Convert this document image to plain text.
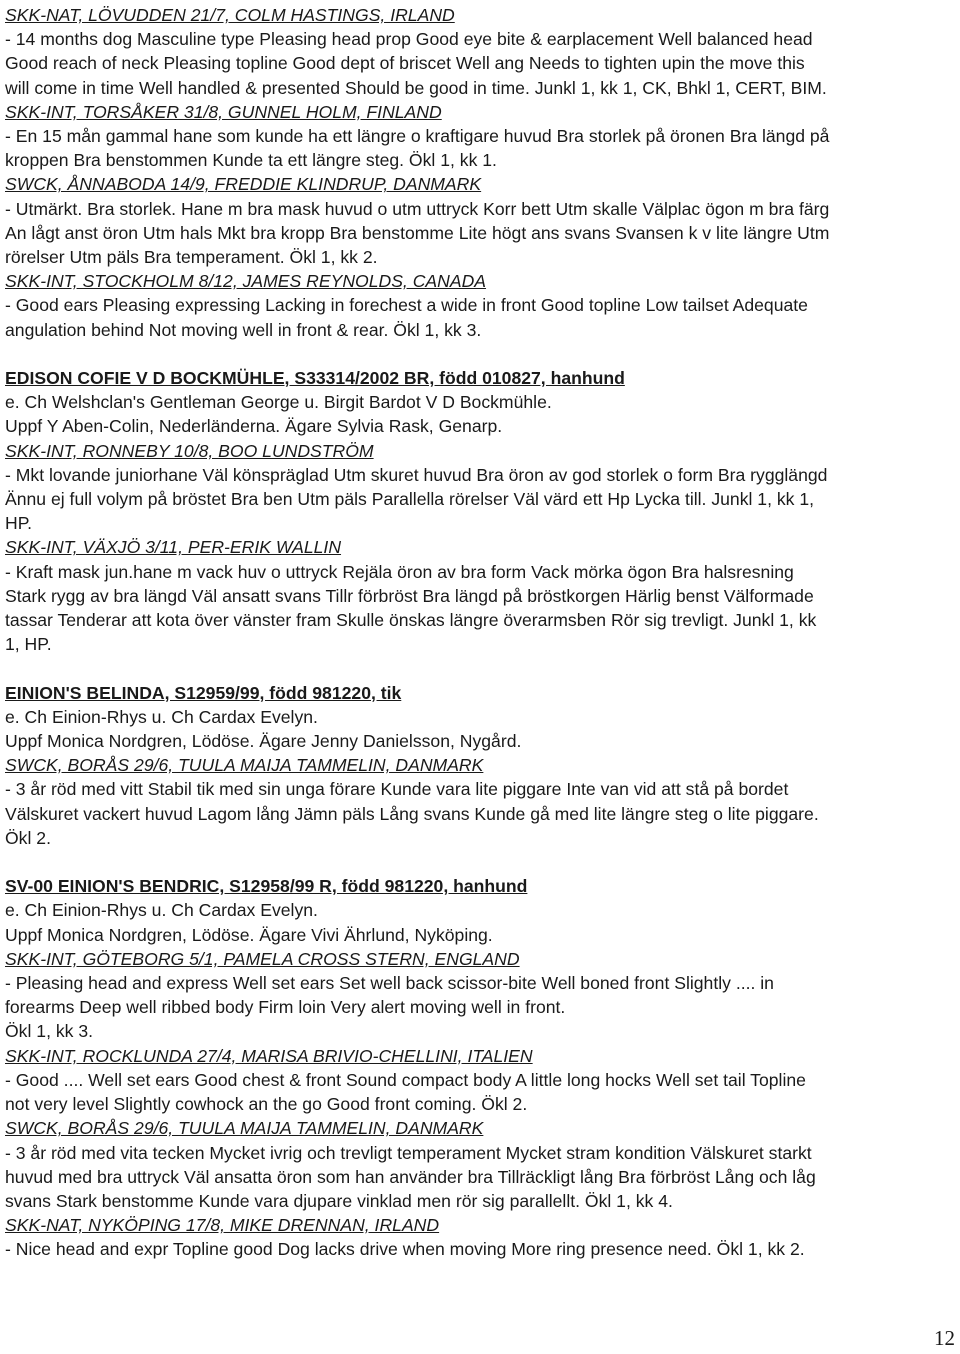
SKK-NAT, LÖVUDDEN 21/7, COLM HASTINGS, IRLAND
- 14 months dog Masculine type Pleasing head prop Good eye bite & earplacement Well balanced head
Good reach of neck Pleasing topline Good dept of briscet Well ang Needs to tighten upin the move this
will come in time Well handled & presented Should be good in time. Junkl 1, kk 1, CK, Bhkl 1, CERT, BIM.
SKK-INT, TORSÅKER 31/8, GUNNEL HOLM, FINLAND
- En 15 mån gammal hane som kunde ha ett längre o kraftigare huvud Bra storlek på öronen Bra längd på
kroppen Bra benstommen Kunde ta ett längre steg. Ökl 1, kk 1.
SWCK, ÅNNABODA 14/9, FREDDIE KLINDRUP, DANMARK
- Utmärkt. Bra storlek. Hane m bra mask huvud o utm uttryck Korr bett Utm skalle Välplac ögon m bra färg
An lågt anst öron Utm hals Mkt bra kropp Bra benstomme Lite högt ans svans Svansen k v lite längre Utm
rörelser Utm päls Bra temperament. Ökl 1, kk 2.
SKK-INT, STOCKHOLM 8/12, JAMES REYNOLDS, CANADA
- Good ears Pleasing expressing Lacking in forechest a wide in front Good topline Low tailset Adequate
angulation behind Not moving well in front & rear. Ökl 1, kk 3.
EDISON COFIE V D BOCKMÜHLE, S33314/2002 BR, född 010827, hanhund
e. Ch Welshclan's Gentleman George u. Birgit Bardot V D Bockmühle.
Uppf Y Aben-Colin, Nederländerna. Ägare Sylvia Rask, Genarp.
SKK-INT, RONNEBY 10/8, BOO LUNDSTRÖM
- Mkt lovande juniorhane Väl könspräglad Utm skuret huvud Bra öron av god storlek o form Bra rygglängd
Ännu ej full volym på bröstet Bra ben Utm päls Parallella rörelser Väl värd ett Hp Lycka till. Junkl 1, kk 1,
HP.
SKK-INT, VÄXJÖ 3/11, PER-ERIK WALLIN
- Kraft mask jun.hane m vack huv o uttryck Rejäla öron av bra form Vack mörka ögon Bra halsresning
Stark rygg av bra längd Väl ansatt svans Tillr förbröst Bra längd på bröstkorgen Härlig benst Välformade
tassar Tenderar att kota över vänster fram Skulle önskas längre överarmsben Rör sig trevligt. Junkl 1, kk
1, HP.
EINION'S BELINDA, S12959/99, född 981220, tik
e. Ch Einion-Rhys u. Ch Cardax Evelyn.
Uppf Monica Nordgren, Lödöse. Ägare Jenny Danielsson, Nygård.
SWCK, BORÅS 29/6, TUULA MAIJA TAMMELIN, DANMARK
- 3 år röd med vitt Stabil tik med sin unga förare Kunde vara lite piggare Inte van vid att stå på bordet
Välskuret vackert huvud Lagom lång Jämn päls Lång svans Kunde gå med lite längre steg o lite piggare.
Ökl 2.
SV-00 EINION'S BENDRIC, S12958/99 R, född 981220, hanhund
e. Ch Einion-Rhys u. Ch Cardax Evelyn.
Uppf Monica Nordgren, Lödöse. Ägare Vivi Ährlund, Nyköping.
SKK-INT, GÖTEBORG 5/1, PAMELA CROSS STERN, ENGLAND
- Pleasing head and express Well set ears Set well back scissor-bite Well boned front Slightly .... in
forearms Deep well ribbed body Firm loin Very alert moving well in front.
Ökl 1, kk 3.
SKK-INT, ROCKLUNDA 27/4, MARISA BRIVIO-CHELLINI, ITALIEN
- Good .... Well set ears Good chest & front Sound compact body A little long hocks Well set tail Topline
not very level Slightly cowhock an the go Good front coming. Ökl 2.
SWCK, BORÅS 29/6, TUULA MAIJA TAMMELIN, DANMARK
- 3 år röd med vita tecken Mycket ivrig och trevligt temperament Mycket stram kondition Välskuret starkt
huvud med bra uttryck Väl ansatta öron som han använder bra Tillräckligt lång Bra förbröst Lång och låg
svans Stark benstomme Kunde vara djupare vinklad men rör sig parallellt. Ökl 1, kk 4.
SKK-NAT, NYKÖPING 17/8, MIKE DRENNAN, IRLAND
- Nice head and expr Topline good Dog lacks drive when moving More ring presence need. Ökl 1, kk 2.
12
